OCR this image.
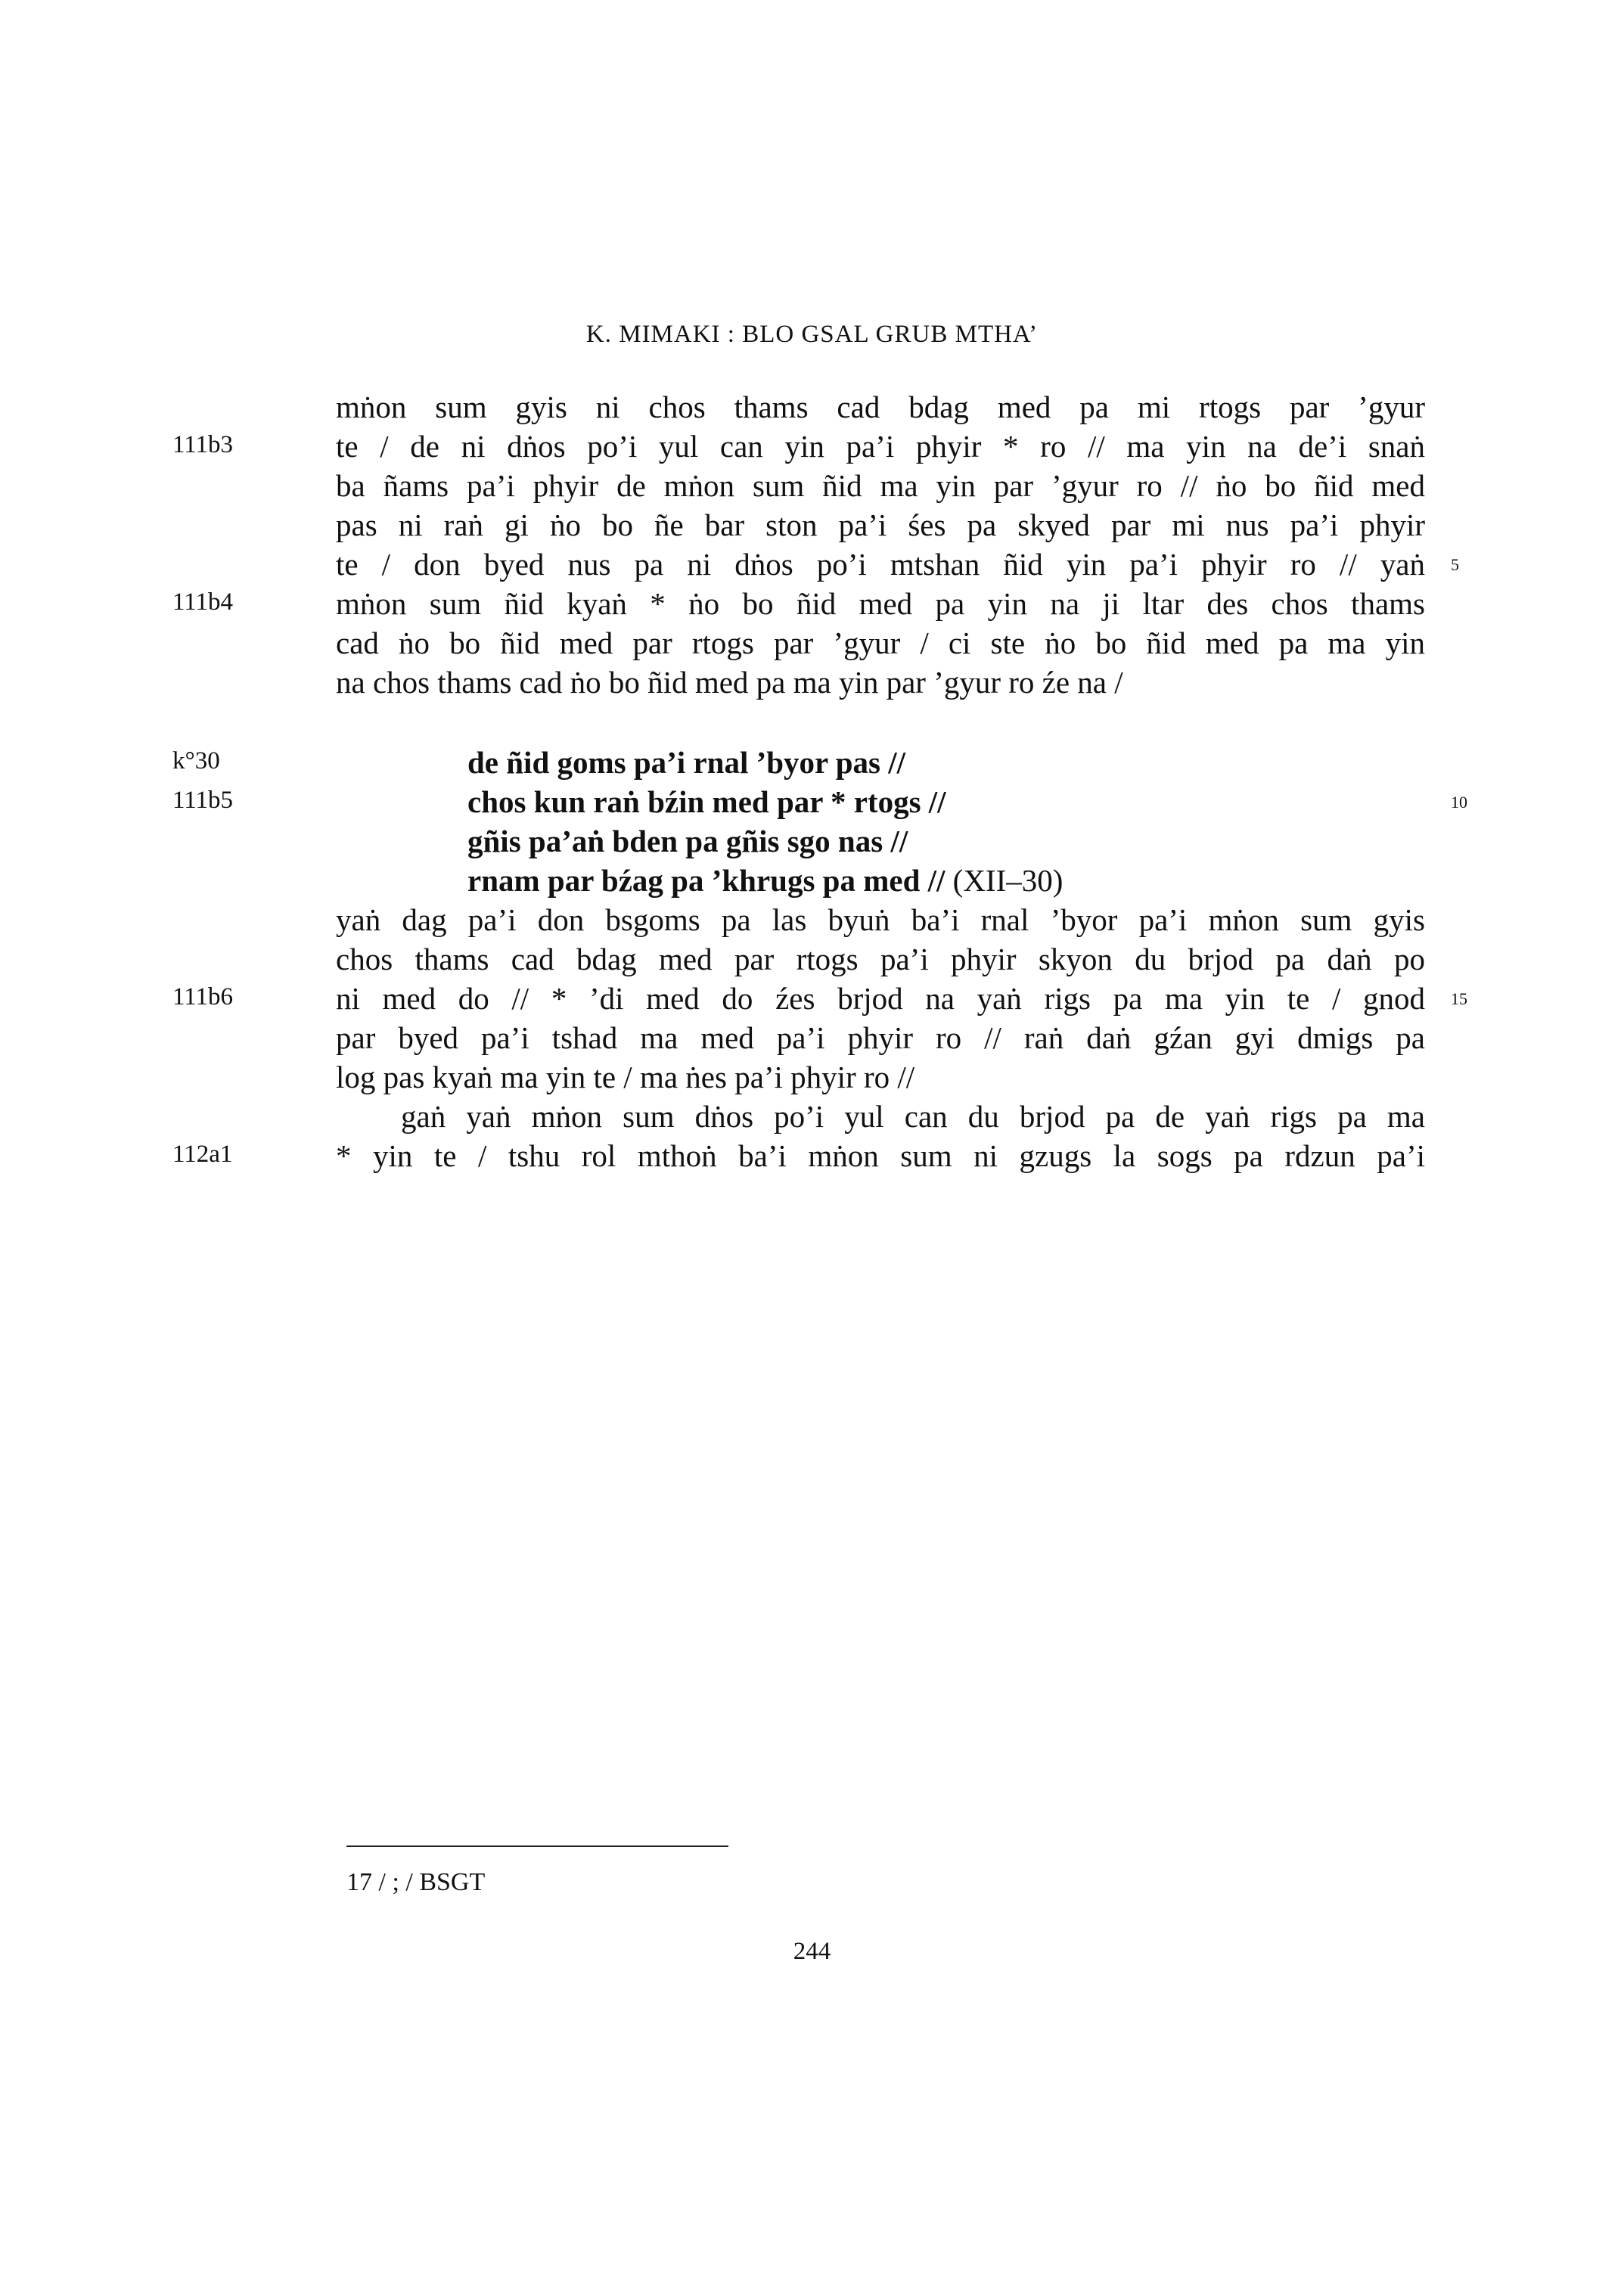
K. MIMAKI : BLO GSAL GRUB MTHA’
mṅon sum gyis ni chos thams cad bdag med pa mi rtogs par ’gyur
111b3	te / de ni dṅos po’i yul can yin pa’i phyir * ro // ma yin na de’i snaṅ
ba ñams pa’i phyir de mṅon sum ñid ma yin par ’gyur ro // ṅo bo ñid med
pas ni raṅ gi ṅo bo ñe bar ston pa’i śes pa skyed par mi nus pa’i phyir
te / don byed nus pa ni dṅos po’i mtshan ñid yin pa’i phyir ro // yaṅ 5
111b4	mṅon sum ñid kyaṅ * ṅo bo ñid med pa yin na ji ltar des chos thams
cad ṅo bo ñid med par rtogs par ’gyur / ci ste ṅo bo ñid med pa ma yin
na chos thams cad ṅo bo ñid med pa ma yin par ’gyur ro źe na /
k°30	de ñid goms pa’i rnal ’byor pas //
111b5	chos kun raṅ bźin med par * rtogs //	10
gñis pa’aṅ bden pa gñis sgo nas //
rnam par bźag pa ’khrugs pa med // (XII–30)
yaṅ dag pa’i don bsgoms pa las byuṅ ba’i rnal ’byor pa’i mṅon sum gyis
chos thams cad bdag med par rtogs pa’i phyir skyon du brjod pa daṅ po
111b6	ni med do // * ’di med do źes brjod na yaṅ rigs pa ma yin te / gnod 15
par byed pa’i tshad ma med pa’i phyir ro // raṅ daṅ gźan gyi dmigs pa
log pas kyaṅ ma yin te / ma ṅes pa’i phyir ro //
gaṅ yaṅ mṅon sum dṅos po’i yul can du brjod pa de yaṅ rigs pa ma
112a1	* yin te / tshu rol mthoṅ ba’i mṅon sum ni gzugs la sogs pa rdzun pa’i
17 / ; / BSGT
244
